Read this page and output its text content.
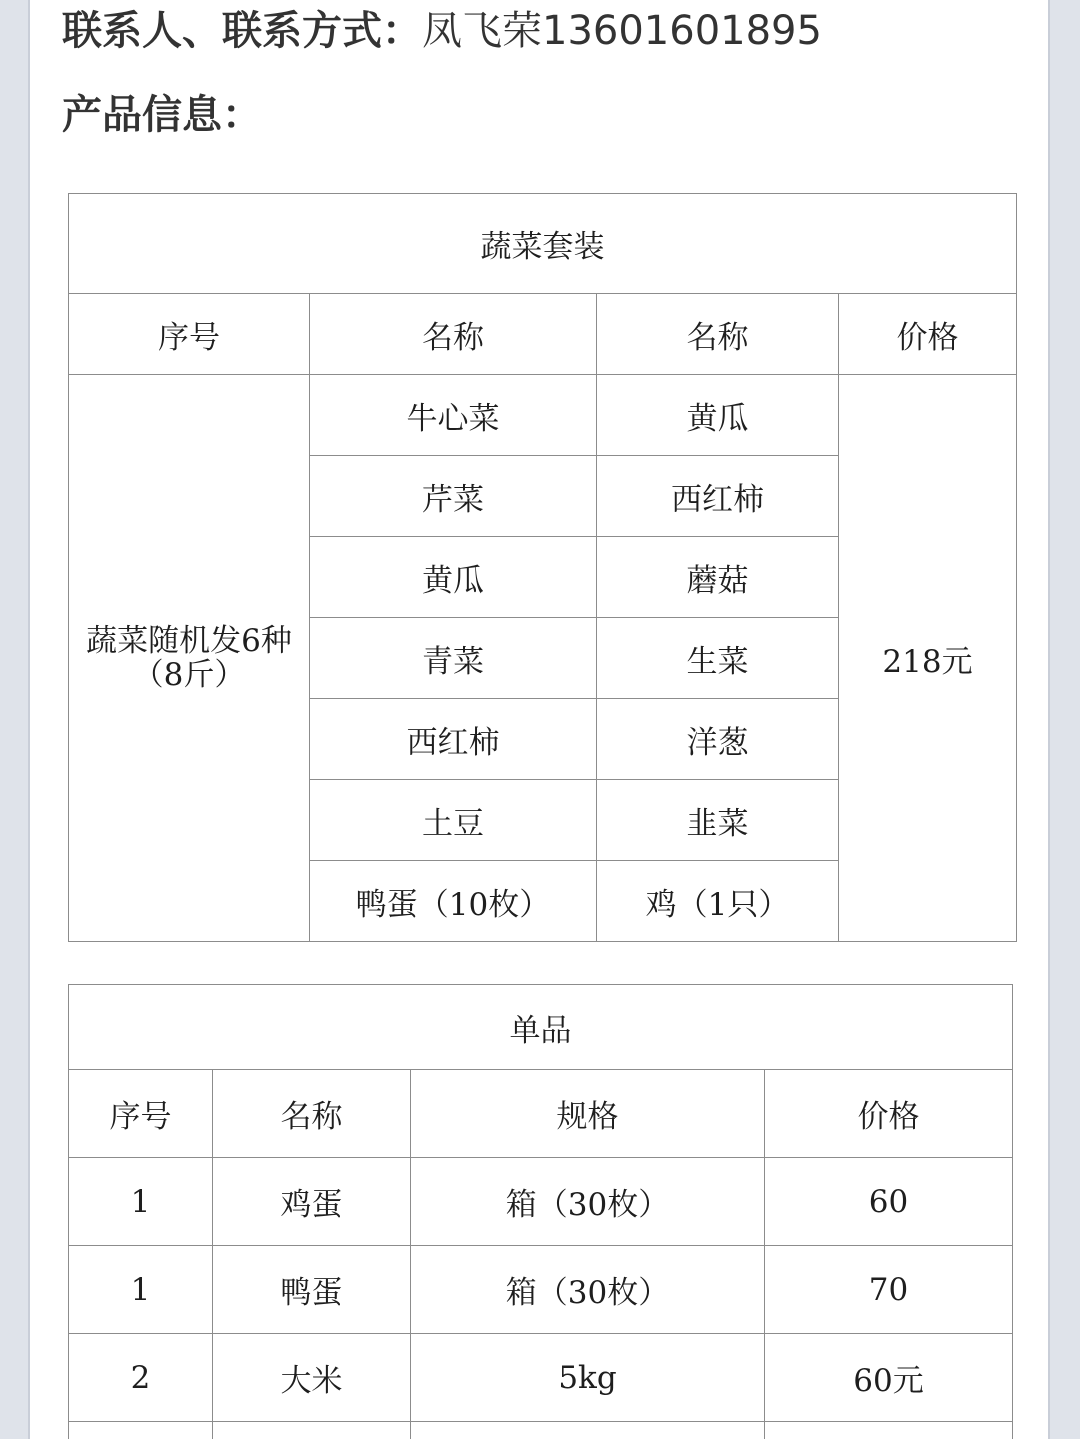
联系人、联系方式：凤飞荣13601601895
产品信息：
蔬菜套装			
序号	名称	名称	价格
蔬菜随机发6种（8斤）	牛心菜	黄瓜	218元
	芹菜	西红柿	
	黄瓜	蘑菇	
	青菜	生菜	
	西红柿	洋葱	
	土豆	韭菜	
	鸭蛋（10枚）	鸡（1只）	
单品			
序号	名称	规格	价格
1	鸡蛋	箱（30枚）	60
1	鸭蛋	箱（30枚）	70
2	大米	5kg	60元
